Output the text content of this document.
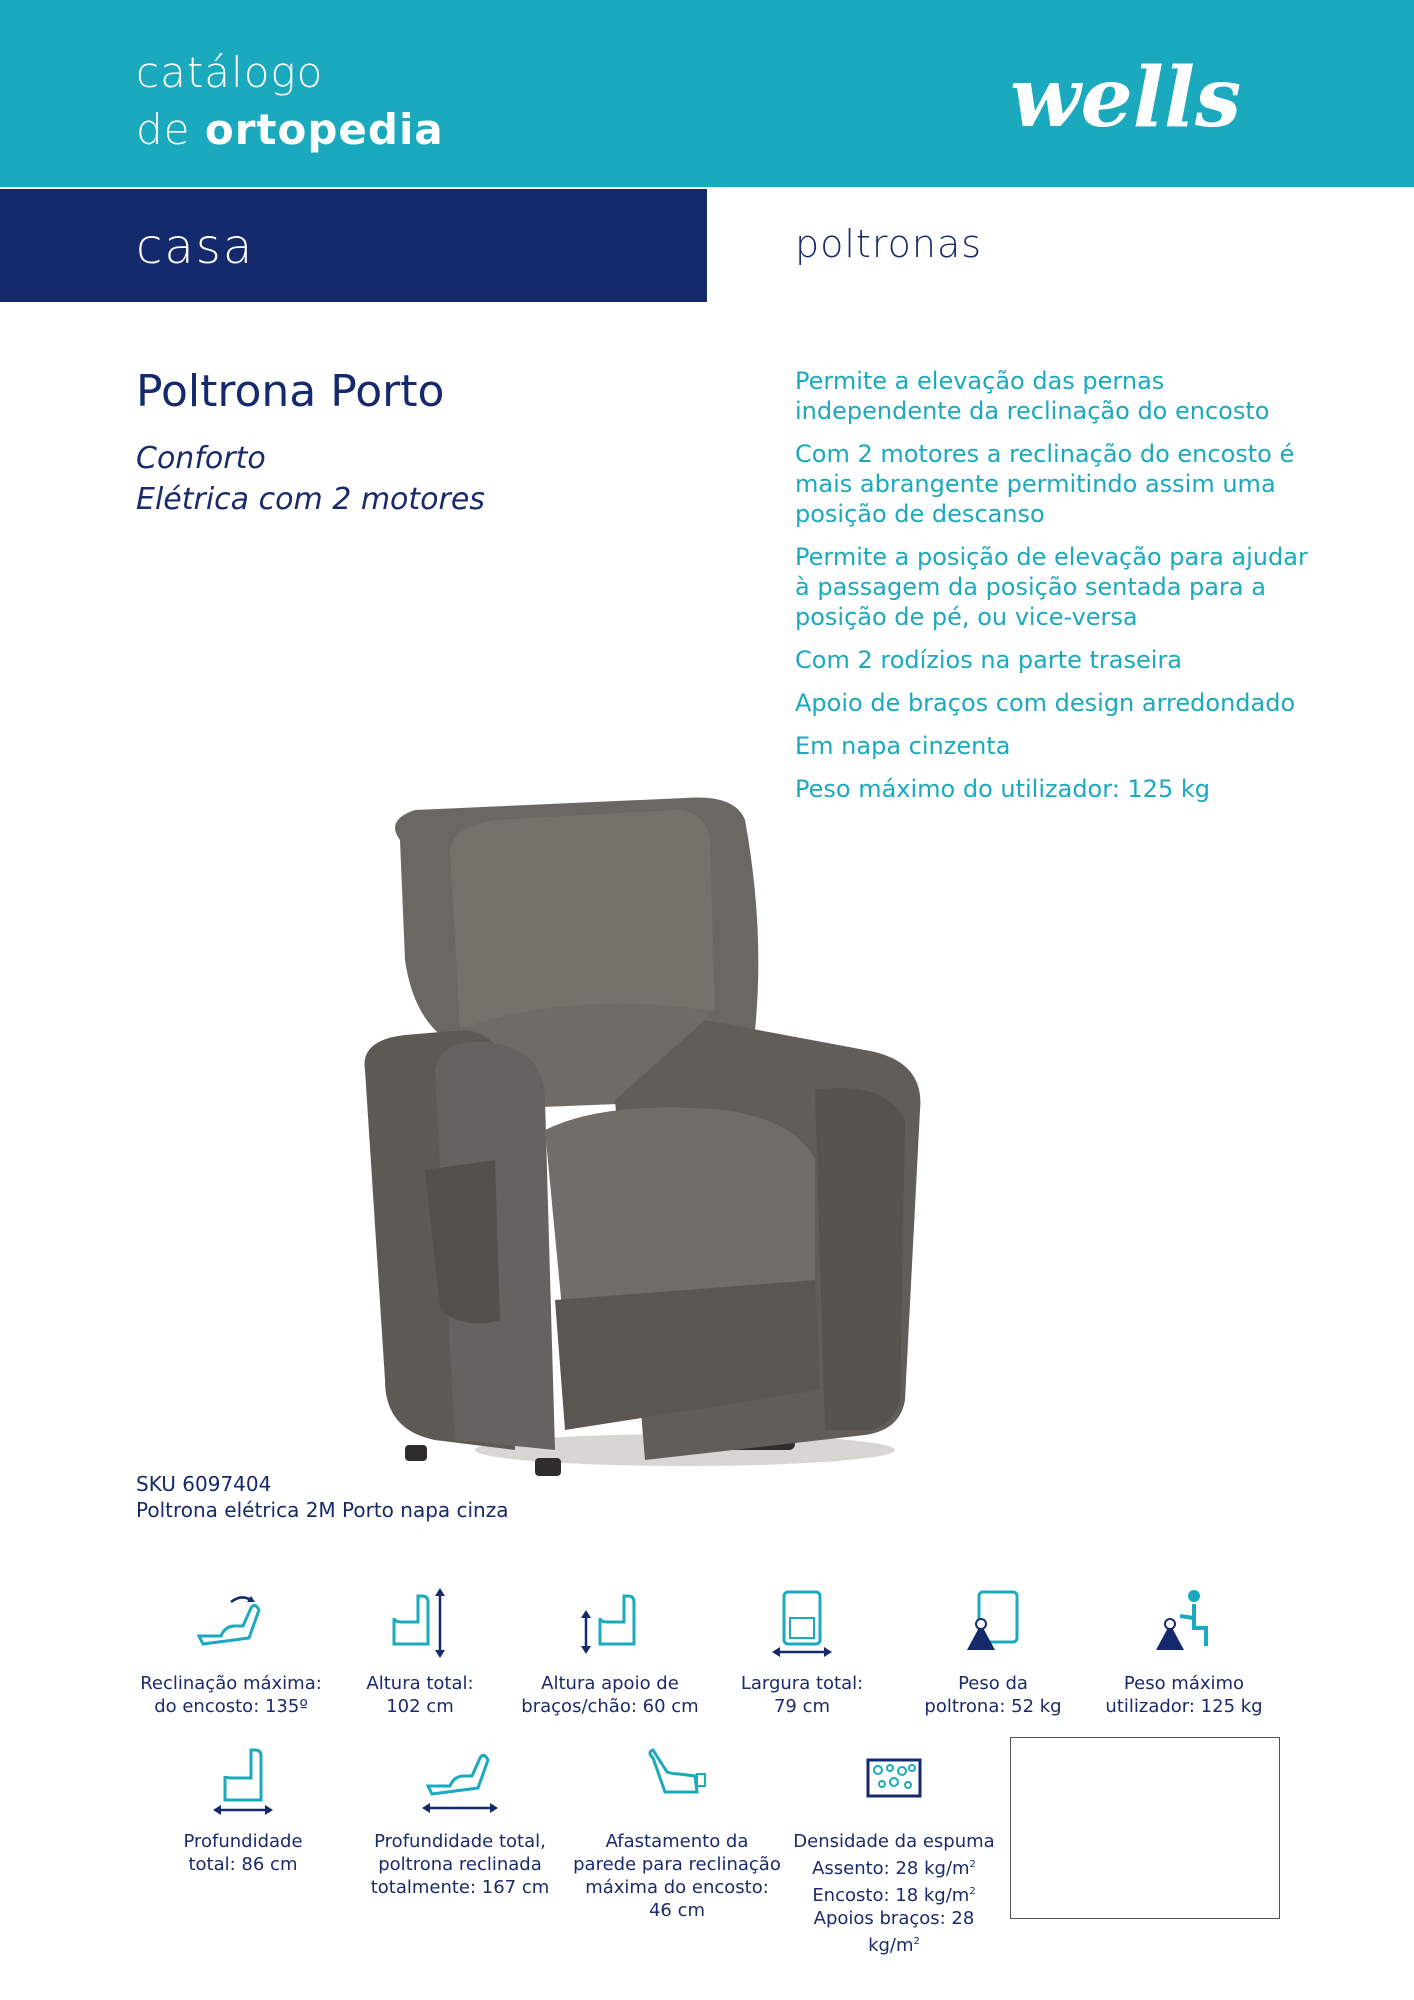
catálogo
de ortopedia	wells
casa	poltronas
Poltrona Porto
Conforto
Elétrica com 2 motores
Permite a elevação das pernas independente da reclinação do encosto
Com 2 motores a reclinação do encosto é mais abrangente permitindo assim uma posição de descanso
Permite a posição de elevação para ajudar à passagem da posição sentada para a posição de pé, ou vice-versa
Com 2 rodízios na parte traseira
Apoio de braços com design arredondado
Em napa cinzenta
Peso máximo do utilizador: 125 kg
SKU 6097404
Poltrona elétrica 2M Porto napa cinza
Reclinação máxima:
do encosto: 135º
Altura total:
102 cm
Altura apoio de
braços/chão: 60 cm
Largura total:
79 cm
Peso da
poltrona: 52 kg
Peso máximo
utilizador: 125 kg
Profundidade
total: 86 cm
Profundidade total,
poltrona reclinada
totalmente: 167 cm
Afastamento da
parede para reclinação
máxima do encosto:
46 cm
Densidade da espuma
Assento: 28 $kg/m^2$
Encosto: 18 $kg/m^2$
Apoios braços: 28 $kg/m^2$
